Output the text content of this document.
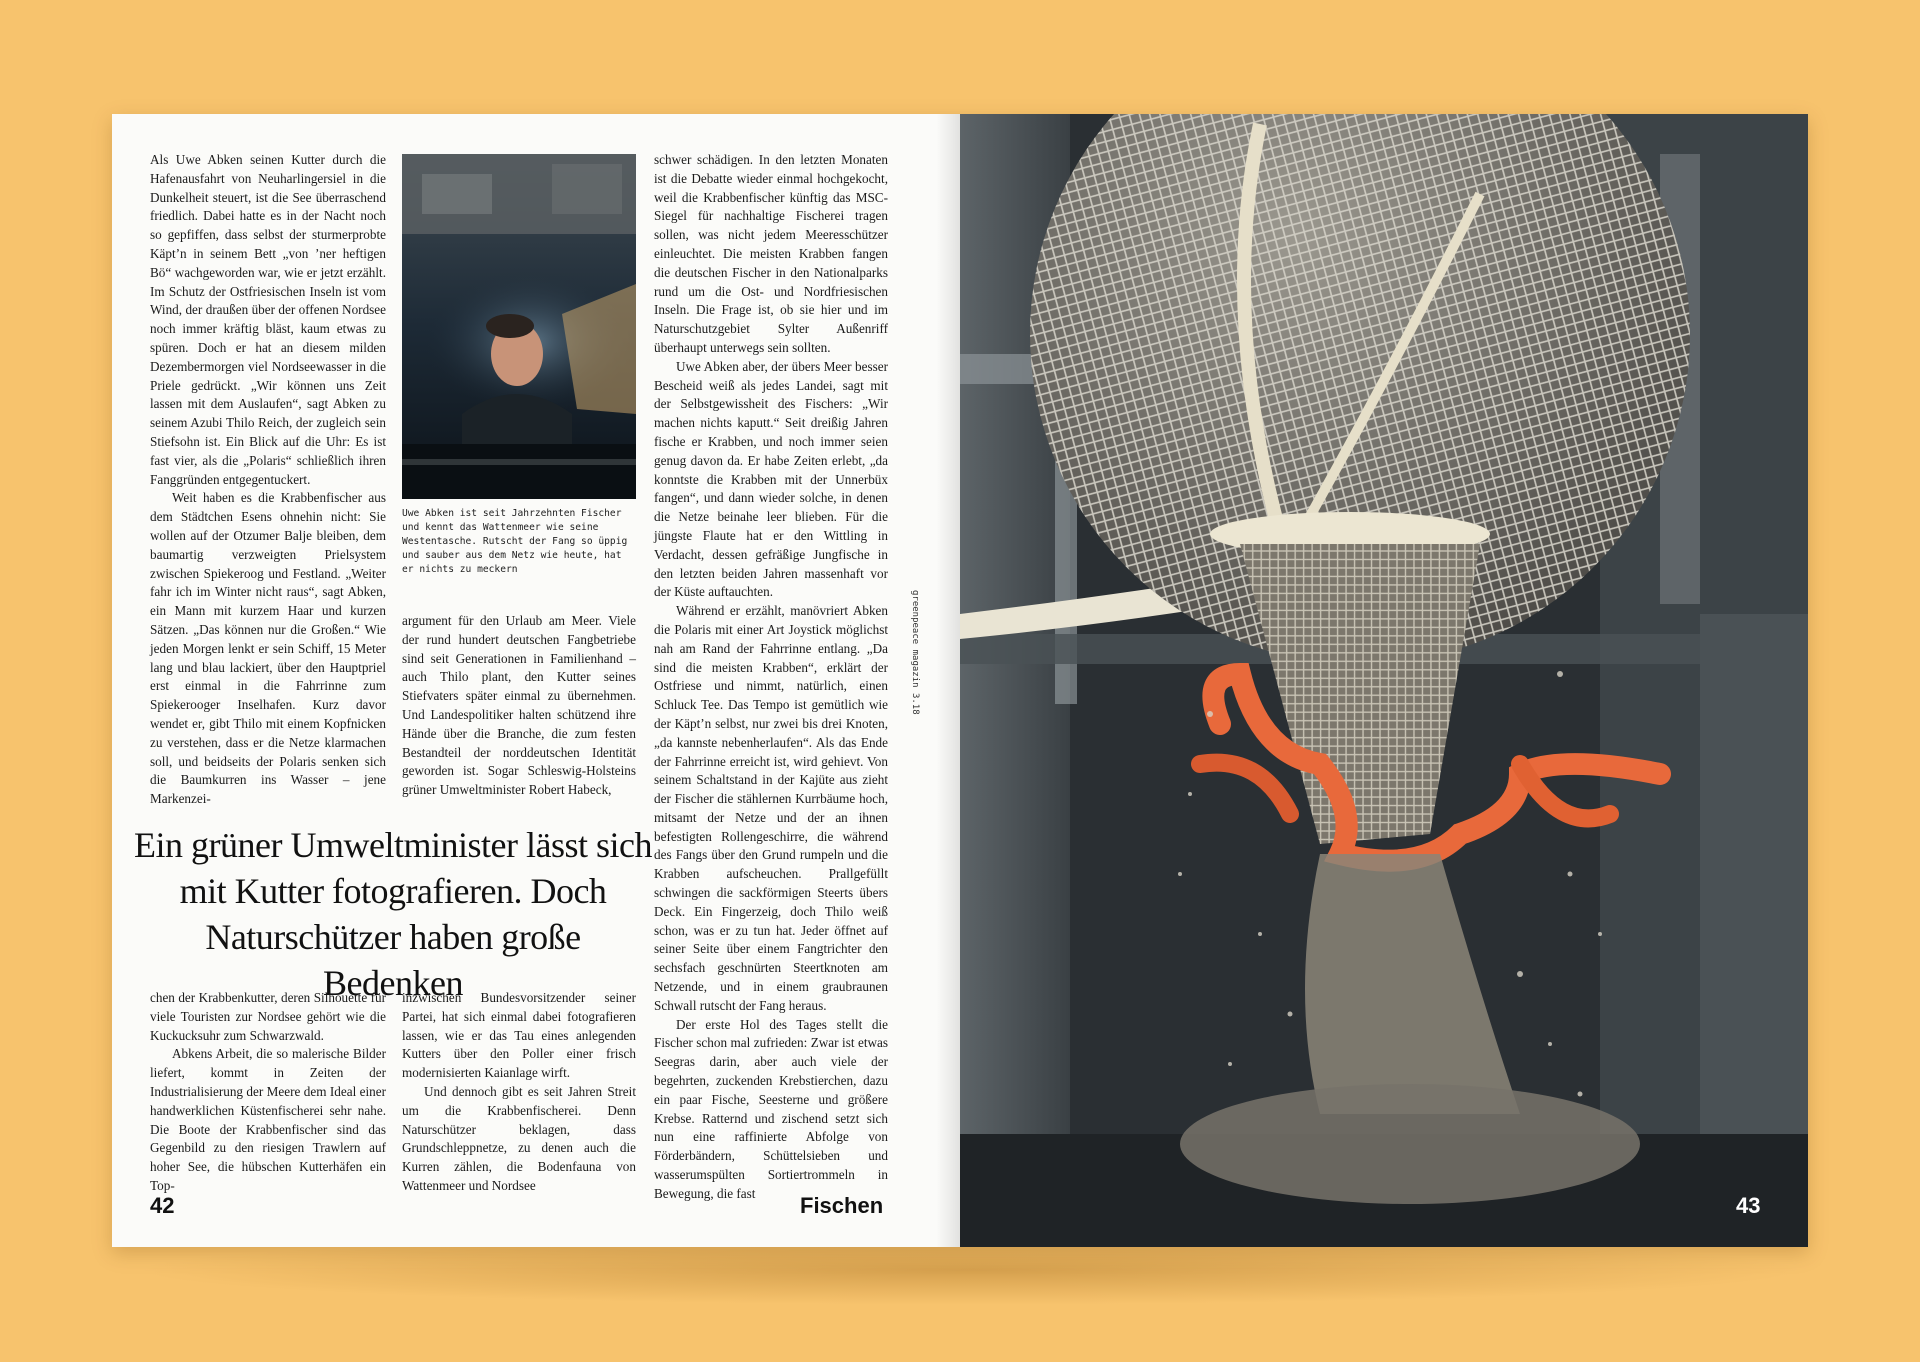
Als Uwe Abken seinen Kutter durch die Hafenausfahrt von Neuharlingersiel in die Dunkelheit steuert, ist die See überraschend friedlich. Dabei hatte es in der Nacht noch so gepfiffen, dass selbst der sturmerprobte Käpt’n in seinem Bett „von ’ner heftigen Bö“ wachgeworden war, wie er jetzt erzählt. Im Schutz der Ostfriesischen Inseln ist vom Wind, der draußen über der offenen Nordsee noch immer kräftig bläst, kaum etwas zu spüren. Doch er hat an diesem milden Dezembermorgen viel Nordseewasser in die Priele gedrückt. „Wir können uns Zeit lassen mit dem Auslaufen“, sagt Abken zu seinem Azubi Thilo Reich, der zugleich sein Stiefsohn ist. Ein Blick auf die Uhr: Es ist fast vier, als die „Polaris“ schließlich ihren Fanggründen entgegentuckert.

Weit haben es die Krabbenfischer aus dem Städtchen Esens ohnehin nicht: Sie wollen auf der Otzumer Balje bleiben, dem baumartig verzweigten Prielsystem zwischen Spiekeroog und Festland. „Weiter fahr ich im Winter nicht raus“, sagt Abken, ein Mann mit kurzem Haar und kurzen Sätzen. „Das können nur die Großen.“ Wie jeden Morgen lenkt er sein Schiff, 15 Meter lang und blau lackiert, über den Hauptpriel erst einmal in die Fahrrinne zum Spiekerooger Inselhafen. Kurz davor wendet er, gibt Thilo mit einem Kopfnicken zu verstehen, dass er die Netze klarmachen soll, und beidseits der Polaris senken sich die Baumkurren ins Wasser – jene Markenzei-

Uwe Abken ist seit Jahrzehnten Fischer und kennt das Wattenmeer wie seine Westentasche. Rutscht der Fang so üppig und sauber aus dem Netz wie heute, hat er nichts zu meckern

argument für den Urlaub am Meer. Viele der rund hundert deutschen Fangbetriebe sind seit Generationen in Familienhand – auch Thilo plant, den Kutter seines Stiefvaters später einmal zu übernehmen. Und Landespolitiker halten schützend ihre Hände über die Branche, die zum festen Bestandteil der norddeutschen Identität geworden ist. Sogar Schleswig-Holsteins grüner Umweltminister Robert Habeck,

Ein grüner Umweltminister lässt sich mit Kutter fotografieren. Doch Naturschützer haben große Bedenken

chen der Krabbenkutter, deren Silhouette für viele Touristen zur Nordsee gehört wie die Kuckucksuhr zum Schwarzwald.

Abkens Arbeit, die so malerische Bilder liefert, kommt in Zeiten der Industrialisierung der Meere dem Ideal einer handwerklichen Küstenfischerei sehr nahe. Die Boote der Krabbenfischer sind das Gegenbild zu den riesigen Trawlern auf hoher See, die hübschen Kutterhäfen ein Top-

inzwischen Bundesvorsitzender seiner Partei, hat sich einmal dabei fotografieren lassen, wie er das Tau eines anlegenden Kutters über den Poller einer frisch modernisierten Kaianlage wirft.

Und dennoch gibt es seit Jahren Streit um die Krabbenfischerei. Denn Naturschützer beklagen, dass Grundschleppnetze, zu denen auch die Kurren zählen, die Bodenfauna von Wattenmeer und Nordsee

schwer schädigen. In den letzten Monaten ist die Debatte wieder einmal hochgekocht, weil die Krabbenfischer künftig das MSC-Siegel für nachhaltige Fischerei tragen sollen, was nicht jedem Meeresschützer einleuchtet. Die meisten Krabben fangen die deutschen Fischer in den Nationalparks rund um die Ost- und Nordfriesischen Inseln. Die Frage ist, ob sie hier und im Naturschutzgebiet Sylter Außenriff überhaupt unterwegs sein sollten.

Uwe Abken aber, der übers Meer besser Bescheid weiß als jedes Landei, sagt mit der Selbstgewissheit des Fischers: „Wir machen nichts kaputt.“ Seit dreißig Jahren fische er Krabben, und noch immer seien genug davon da. Er habe Zeiten erlebt, „da konntste die Krabben mit der Unnerbüx fangen“, und dann wieder solche, in denen die Netze beinahe leer blieben. Für die jüngste Flaute hat er den Wittling in Verdacht, dessen gefräßige Jungfische in den letzten beiden Jahren massenhaft vor der Küste auftauchten.

Während er erzählt, manövriert Abken die Polaris mit einer Art Joystick möglichst nah am Rand der Fahrrinne entlang. „Da sind die meisten Krabben“, erklärt der Ostfriese und nimmt, natürlich, einen Schluck Tee. Das Tempo ist gemütlich wie der Käpt’n selbst, nur zwei bis drei Knoten, „da kannste nebenherlaufen“. Als das Ende der Fahrrinne erreicht ist, wird gehievt. Von seinem Schaltstand in der Kajüte aus zieht der Fischer die stählernen Kurrbäume hoch, mitsamt der Netze und der an ihnen befestigten Rollengeschirre, die während des Fangs über den Grund rumpeln und die Krabben aufscheuchen. Prallgefüllt schwingen die sackförmigen Steerts übers Deck. Ein Fingerzeig, doch Thilo weiß schon, was er zu tun hat. Jeder öffnet auf seiner Seite über einem Fangtrichter den sechsfach geschnürten Steertknoten am Netzende, und in einem graubraunen Schwall rutscht der Fang heraus.

Der erste Hol des Tages stellt die Fischer schon mal zufrieden: Zwar ist etwas Seegras darin, aber auch viele der begehrten, zuckenden Krebstierchen, dazu ein paar Fische, Seesterne und größere Krebse. Ratternd und zischend setzt sich nun eine raffinierte Abfolge von Förderbändern, Schüttelsieben und wasserumspülten Sortiertrommeln in Bewegung, die fast

greenpeace magazin 3.18
42	Fischen	43
